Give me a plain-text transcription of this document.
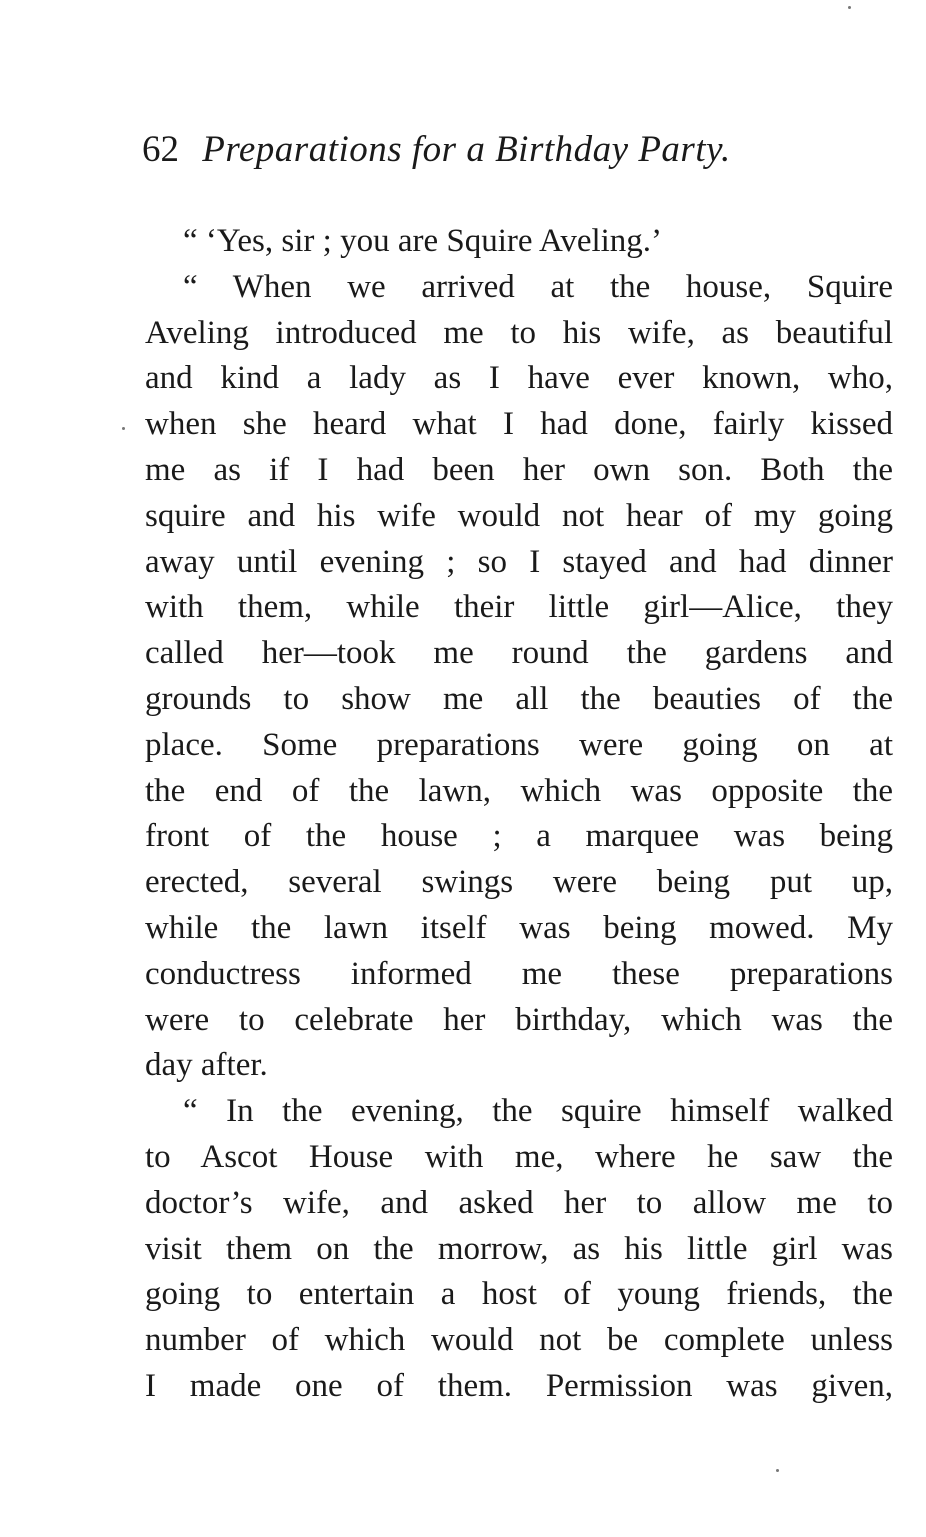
62 Preparations for a Birthday Party.
“ ‘Yes, sir ; you are Squire Aveling.’
“ When we arrived at the house, Squire
Aveling introduced me to his wife, as beautiful
and kind a lady as I have ever known, who,
when she heard what I had done, fairly kissed
me as if I had been her own son. Both the
squire and his wife would not hear of my going
away until evening ; so I stayed and had dinner
with them, while their little girl—Alice, they
called her—took me round the gardens and
grounds to show me all the beauties of the
place. Some preparations were going on at
the end of the lawn, which was opposite the
front of the house ; a marquee was being
erected, several swings were being put up,
while the lawn itself was being mowed. My
conductress informed me these preparations
were to celebrate her birthday, which was the
day after.
“ In the evening, the squire himself walked
to Ascot House with me, where he saw the
doctor’s wife, and asked her to allow me to
visit them on the morrow, as his little girl was
going to entertain a host of young friends, the
number of which would not be complete unless
I made one of them. Permission was given,
